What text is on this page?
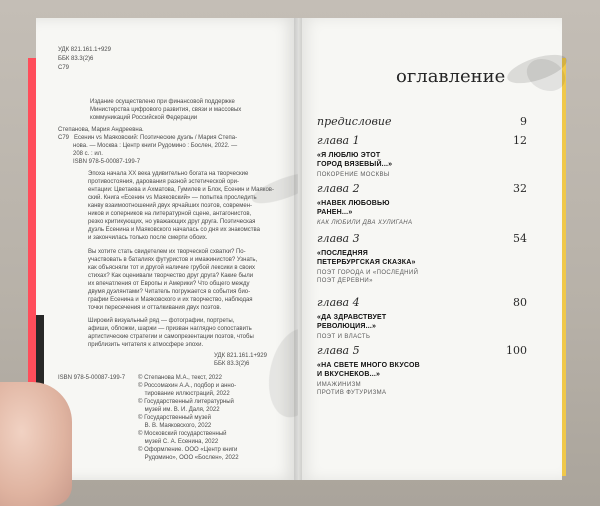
УДК 821.161.1+929
ББК 83.3(2)6
С79
Издание осуществлено при финансовой поддержке
Министерства цифрового развития, связи и массовых
коммуникаций Российской Федерации
Степанова, Мария Андреевна.
С79   Есенин vs Маяковский: Поэтические дуэль / Мария Степа-
нова. — Москва : Центр книги Рудомино : Бослен, 2022. —
208 с. : ил.
ISBN 978-5-00087-199-7
Эпоха начала XX века удивительно богата на творческие
противостояния, дарования разной эстетической ори-
ентации: Цветаева и Ахматова, Гумилев и Блок, Есенин и Маяков-
ский. Книга «Есенин vs Маяковский» — попытка проследить
канву взаимоотношений двух ярчайших поэтов, современ-
ников и соперников на литературной сцене, антагонистов,
резко критикующих, но уважающих друг друга. Поэтическая
дуэль Есенина и Маяковского началась со дня их знакомства
и закончилась только после смерти обоих.
Вы хотите стать свидетелем их творческой схватки? По-
участвовать в баталиях футуристов и имажинистов? Узнать,
как объясняли тот и другой наличие грубой лексики в своих
стихах? Как оценивали творчество друг друга? Какие были
их впечатления от Европы и Америки? Что общего между
двумя дуэлянтами? Читатель погружается в события био-
графии Есенина и Маяковского и их творчество, наблюдая
точки пересечения и отталкивания двух поэтов.
Широкий визуальный ряд — фотографии, портреты,
афиши, обложки, шаржи — призван наглядно сопоставить
артистические стратегии и самопрезентации поэтов, чтобы
приблизить читателя к атмосфере эпохи.
УДК 821.161.1+929
ББК 83.3(2)6
ISBN 978-5-00087-199-7 © Степанова М.А., текст, 2022
© Россомахин А.А., подбор и анно-
тирование иллюстраций, 2022
© Государственный литературный
музей им. В. И. Даля, 2022
© Государственный музей
В. В. Маяковского, 2022
© Московский государственный
музей С. А. Есенина, 2022
© Оформление. ООО «Центр книги
Рудомино», ООО «Бослен», 2022
оглавление
предисловие	9
глава 1	12
«Я ЛЮБЛЮ ЭТОТ
ГОРОД ВЯЗЕВЫЙ...»
ПОКОРЕНИЕ МОСКВЫ
глава 2	32
«НАВЕК ЛЮБОВЬЮ
РАНЕН...»
КАК ЛЮБИЛИ ДВА ХУЛИГАНА
глава 3	54
«ПОСЛЕДНЯЯ
ПЕТЕРБУРГСКАЯ СКАЗКА»
ПОЭТ ГОРОДА И «ПОСЛЕДНИЙ
ПОЭТ ДЕРЕВНИ»
глава 4	80
«ДА ЗДРАВСТВУЕТ
РЕВОЛЮЦИЯ...»
ПОЭТ И ВЛАСТЬ
глава 5	100
«НА СВЕТЕ МНОГО ВКУСОВ
И ВКУСНЕКОВ...»
ИМАЖИНИЗМ
ПРОТИВ ФУТУРИЗМА
